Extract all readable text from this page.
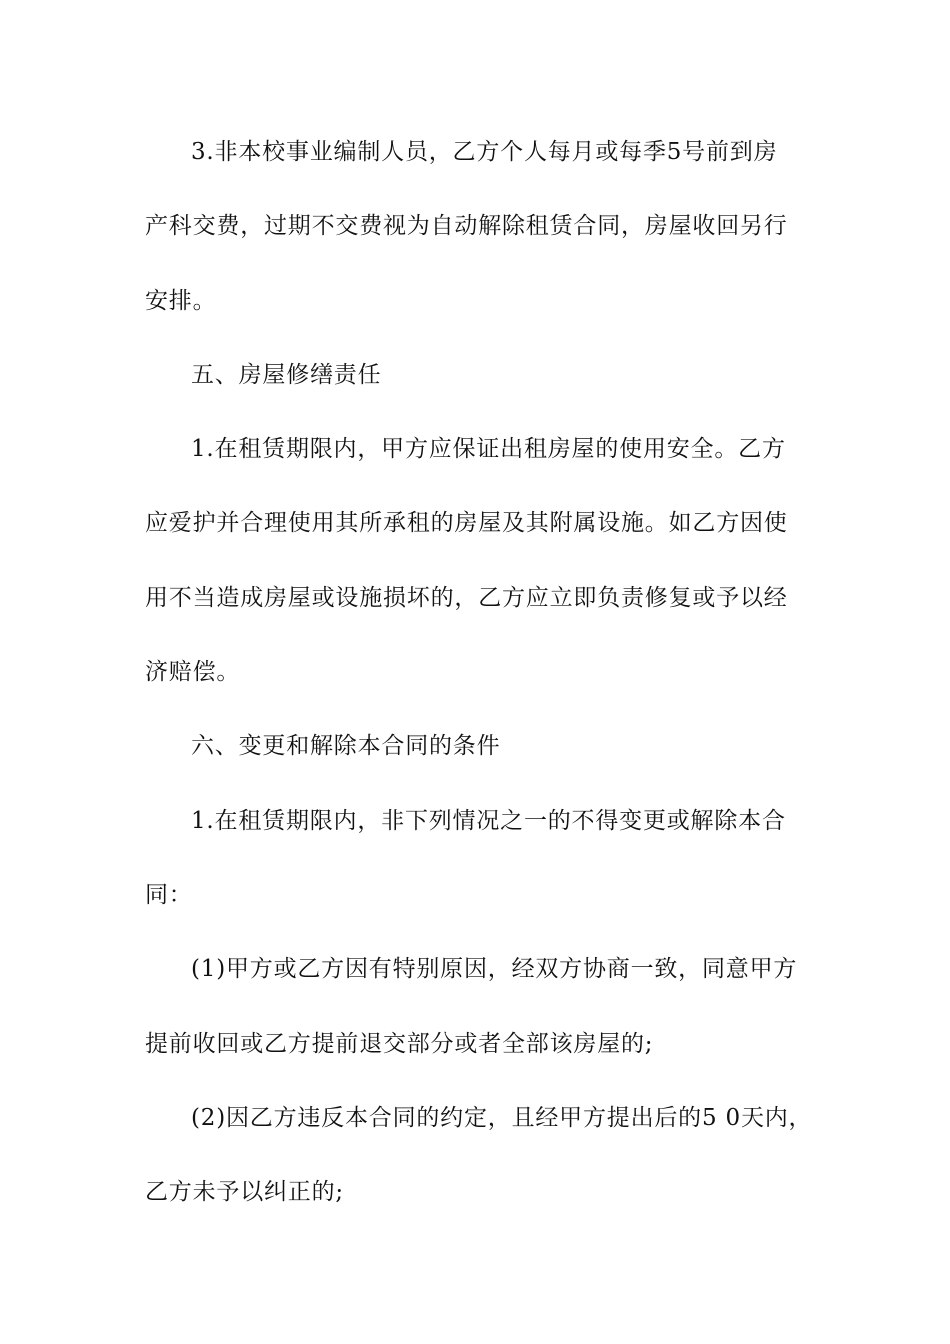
3.非本校事业编制人员，乙方个人每月或每季5号前到房
产科交费，过期不交费视为自动解除租赁合同，房屋收回另行
安排。
五、房屋修缮责任
1.在租赁期限内，甲方应保证出租房屋的使用安全。乙方
应爱护并合理使用其所承租的房屋及其附属设施。如乙方因使
用不当造成房屋或设施损坏的，乙方应立即负责修复或予以经
济赔偿。
六、变更和解除本合同的条件
1.在租赁期限内，非下列情况之一的不得变更或解除本合
同：
(1)甲方或乙方因有特别原因，经双方协商一致，同意甲方
提前收回或乙方提前退交部分或者全部该房屋的;
(2)因乙方违反本合同的约定，且经甲方提出后的5 0天内，
乙方未予以纠正的;
